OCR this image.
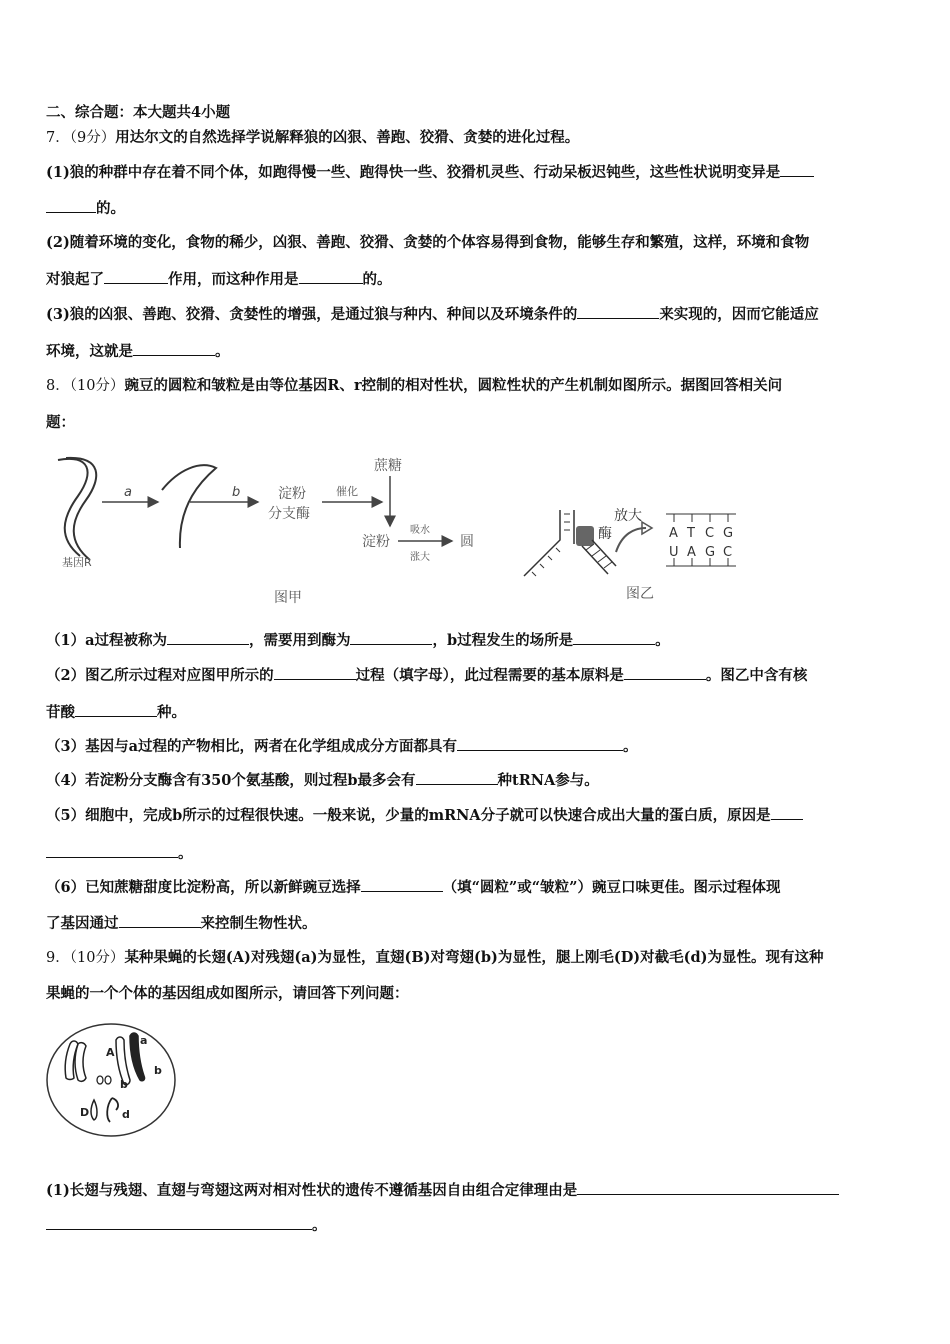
二、综合题：本大题共4小题
7．（9分）用达尔文的自然选择学说解释狼的凶狠、善跑、狡猾、贪婪的进化过程。
(1)狼的种群中存在着不同个体，如跑得慢一些、跑得快一些、狡猾机灵些、行动呆板迟钝些，这些性状说明变异是
的。
(2)随着环境的变化，食物的稀少，凶狠、善跑、狡猾、贪婪的个体容易得到食物，能够生存和繁殖，这样，环境和食物
对狼起了	作用，而这种作用是	的。
(3)狼的凶狠、善跑、狡猾、贪婪性的增强，是通过狼与种内、种间以及环境条件的	来实现的，因而它能适应
环境，这就是	。
8．（10分）豌豆的圆粒和皱粒是由等位基因R、r控制的相对性状，圆粒性状的产生机制如图所示。据图回答相关问
题：
基因R
a	b	淀粉
分支酶
催化
蔗糖
淀粉
吸水
涨大
圆
图甲
酶
放大
A T C G
U A G C
图乙
（1）a过程被称为	，需要用到酶为	，b过程发生的场所是	。
（2）图乙所示过程对应图甲所示的	过程（填字母），此过程需要的基本原料是	。图乙中含有核
苷酸	种。
（3）基因与a过程的产物相比，两者在化学组成成分方面都具有	。
（4）若淀粉分支酶含有350个氨基酸，则过程b最多会有	种tRNA参与。
（5）细胞中，完成b所示的过程很快速。一般来说，少量的mRNA分子就可以快速合成出大量的蛋白质，原因是
。
（6）已知蔗糖甜度比淀粉高，所以新鲜豌豆选择	（填“圆粒”或“皱粒”）豌豆口味更佳。图示过程体现
了基因通过	来控制生物性状。
9．（10分）某种果蝇的长翅(A)对残翅(a)为显性，直翅(B)对弯翅(b)为显性，腿上刚毛(D)对截毛(d)为显性。现有这种
果蝇的一个个体的基因组成如图所示，请回答下列问题：
A
a
b
b
D	d
(1)长翅与残翅、直翅与弯翅这两对相对性状的遗传不遵循基因自由组合定律理由是
。
